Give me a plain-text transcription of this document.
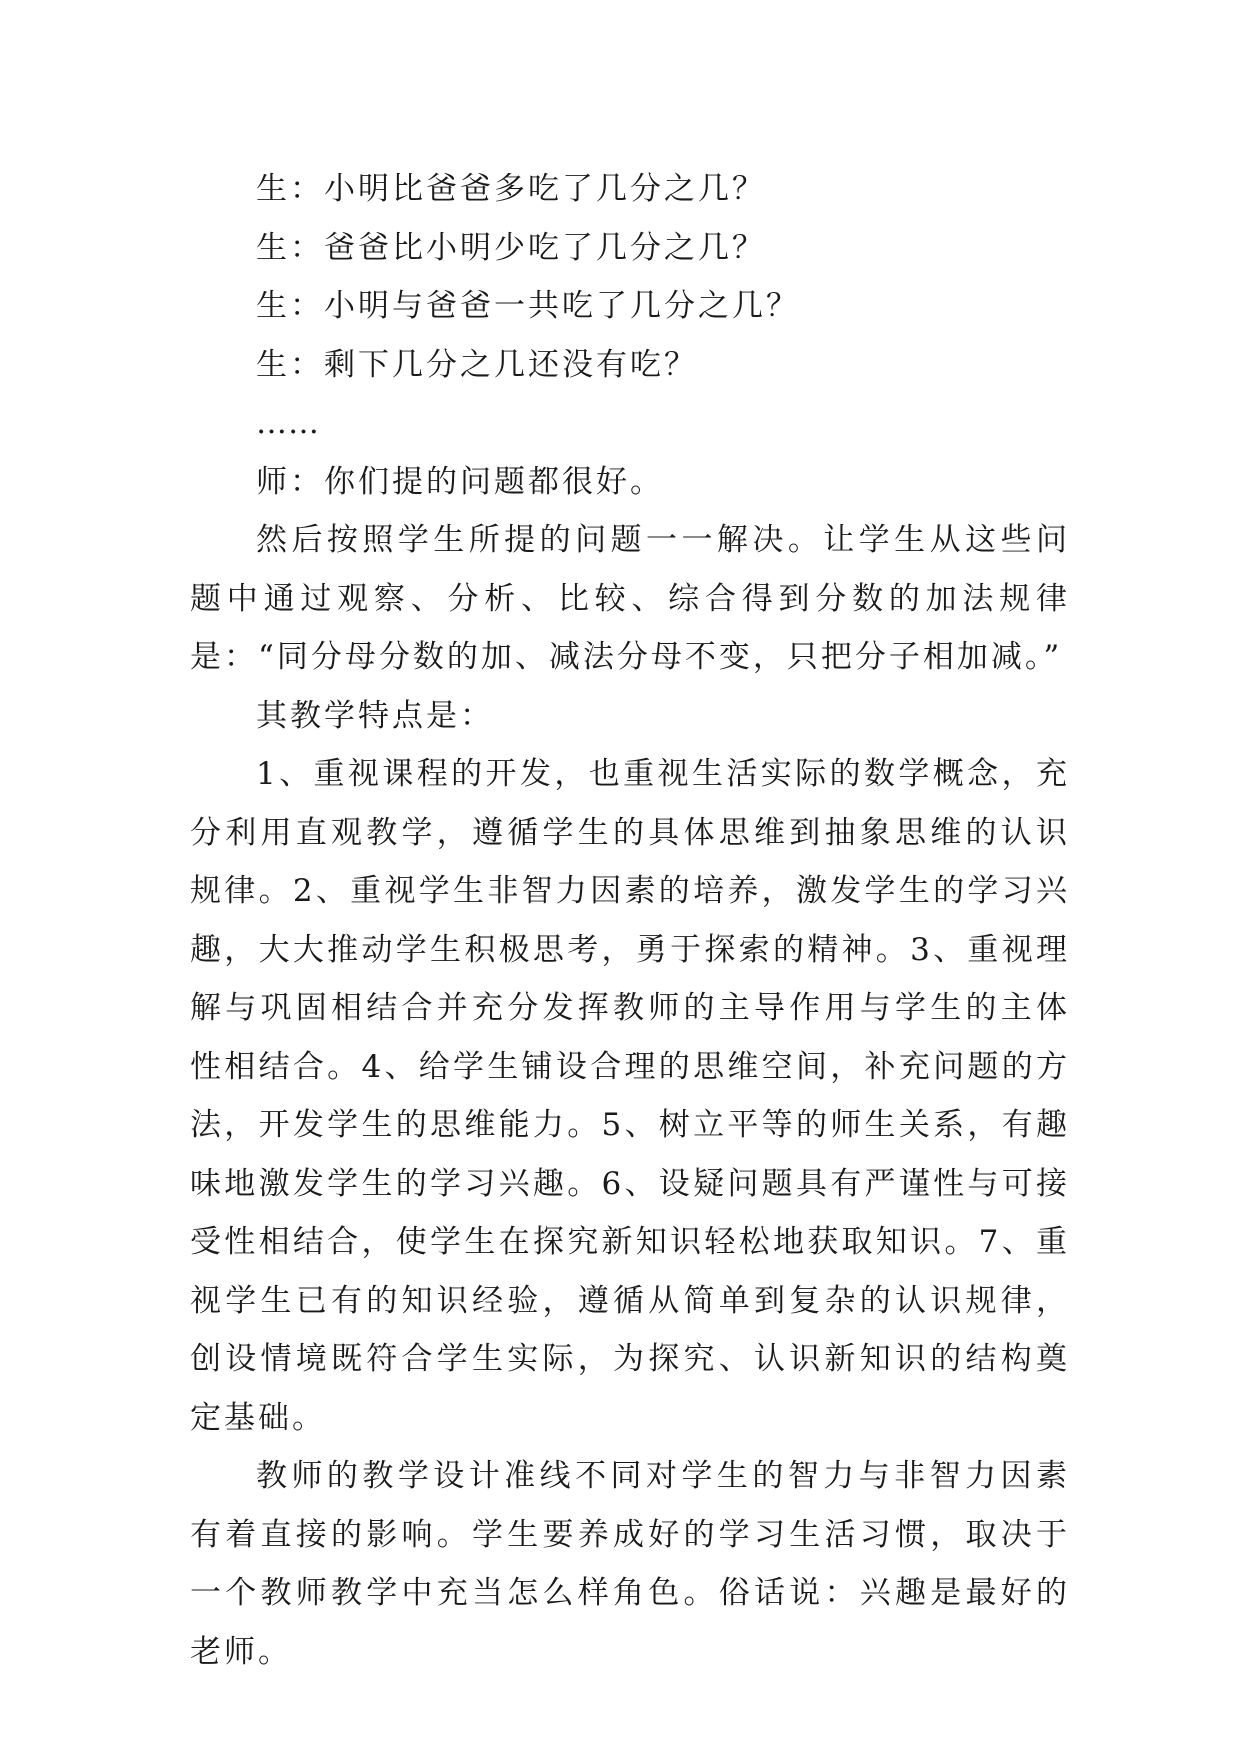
生：小明比爸爸多吃了几分之几？
生：爸爸比小明少吃了几分之几？
生：小明与爸爸一共吃了几分之几？
生：剩下几分之几还没有吃？
……
师：你们提的问题都很好。

然后按照学生所提的问题一一解决。让学生从这些问题中通过观察、分析、比较、综合得到分数的加法规律是：“同分母分数的加、减法分母不变，只把分子相加减。”

其教学特点是：

1、重视课程的开发，也重视生活实际的数学概念，充分利用直观教学，遵循学生的具体思维到抽象思维的认识规律。2、重视学生非智力因素的培养，激发学生的学习兴趣，大大推动学生积极思考，勇于探索的精神。3、重视理解与巩固相结合并充分发挥教师的主导作用与学生的主体性相结合。4、给学生铺设合理的思维空间，补充问题的方法，开发学生的思维能力。5、树立平等的师生关系，有趣味地激发学生的学习兴趣。6、设疑问题具有严谨性与可接受性相结合，使学生在探究新知识轻松地获取知识。7、重视学生已有的知识经验，遵循从简单到复杂的认识规律，创设情境既符合学生实际，为探究、认识新知识的结构奠定基础。

教师的教学设计准线不同对学生的智力与非智力因素有着直接的影响。学生要养成好的学习生活习惯，取决于一个教师教学中充当怎么样角色。俗话说：兴趣是最好的老师。
